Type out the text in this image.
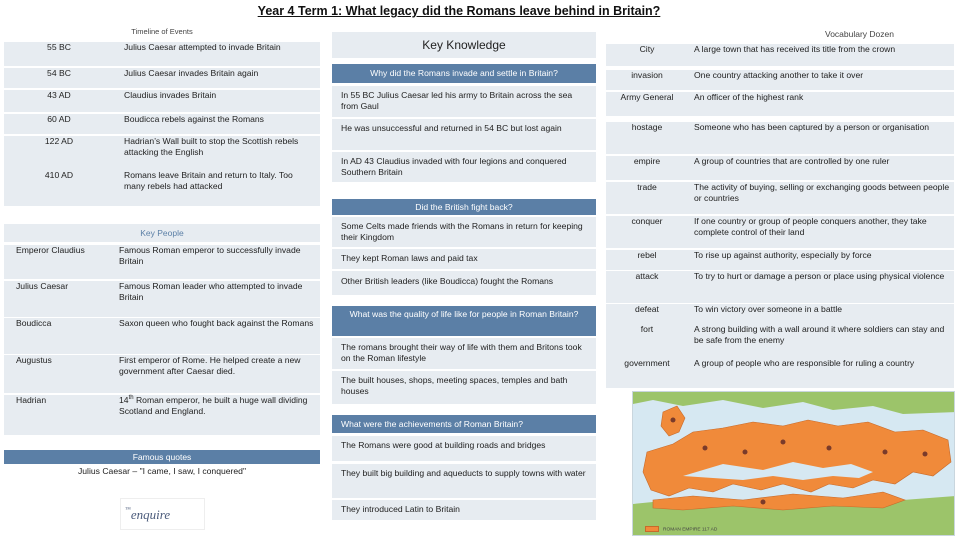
Year 4 Term 1: What legacy did the Romans leave behind in Britain?
Timeline of Events
55 BC	Julius Caesar attempted to invade Britain
54 BC	Julius Caesar invades Britain again
43 AD	Claudius invades Britain
60 AD	Boudicca rebels against the Romans
122 AD	Hadrian’s Wall built to stop the Scottish rebels attacking the English
410 AD	Romans leave Britain and return to Italy. Too many rebels had attacked
Key People
Emperor Claudius	Famous Roman emperor to successfully invade Britain
Julius Caesar	Famous Roman leader who attempted to invade Britain
Boudicca	Saxon queen who fought back against the Romans
Augustus	First emperor of Rome. He helped create a new government after Caesar died.
Hadrian	14th Roman emperor, he built a huge wall dividing Scotland and England.
Famous quotes
Julius Caesar – "I came, I saw, I conquered"
™enquire
Key Knowledge
Why did the Romans invade and settle in Britain?
In 55 BC Julius Caesar led his army to Britain across the sea from Gaul
He was unsuccessful and returned in 54 BC but lost again
In AD 43 Claudius invaded with four legions and conquered Southern Britain
Did the British fight back?
Some Celts made friends with the Romans in return for keeping their Kingdom
They kept Roman laws and paid tax
Other British leaders (like Boudicca) fought the Romans
What was the quality of life like for people in Roman Britain?
The romans brought their way of life with them and Britons took on the Roman lifestyle
The built houses, shops, meeting spaces, temples and bath houses
What were the achievements of Roman Britain?
The Romans were good at building roads and bridges
They built big building and aqueducts to supply towns with water
They introduced Latin to Britain
Vocabulary Dozen
City	A large town that has received its title from the crown
invasion	One country attacking another to take it over
Army General	An officer of the highest rank
hostage	Someone who has been captured by a person or organisation
empire	A group of countries that are controlled by one ruler
trade	The activity of buying, selling or exchanging goods between people or countries
conquer	If one country or group of people conquers another, they take complete control of their land
rebel	To rise up against authority, especially by force
attack	To try to hurt or damage a person or place using physical violence
defeat	To win victory over someone in a battle
fort	A strong building with a wall around it where soldiers can stay and be safe from the enemy
government	A group of people who are responsible for ruling a country
ROMAN EMPIRE 117 AD
